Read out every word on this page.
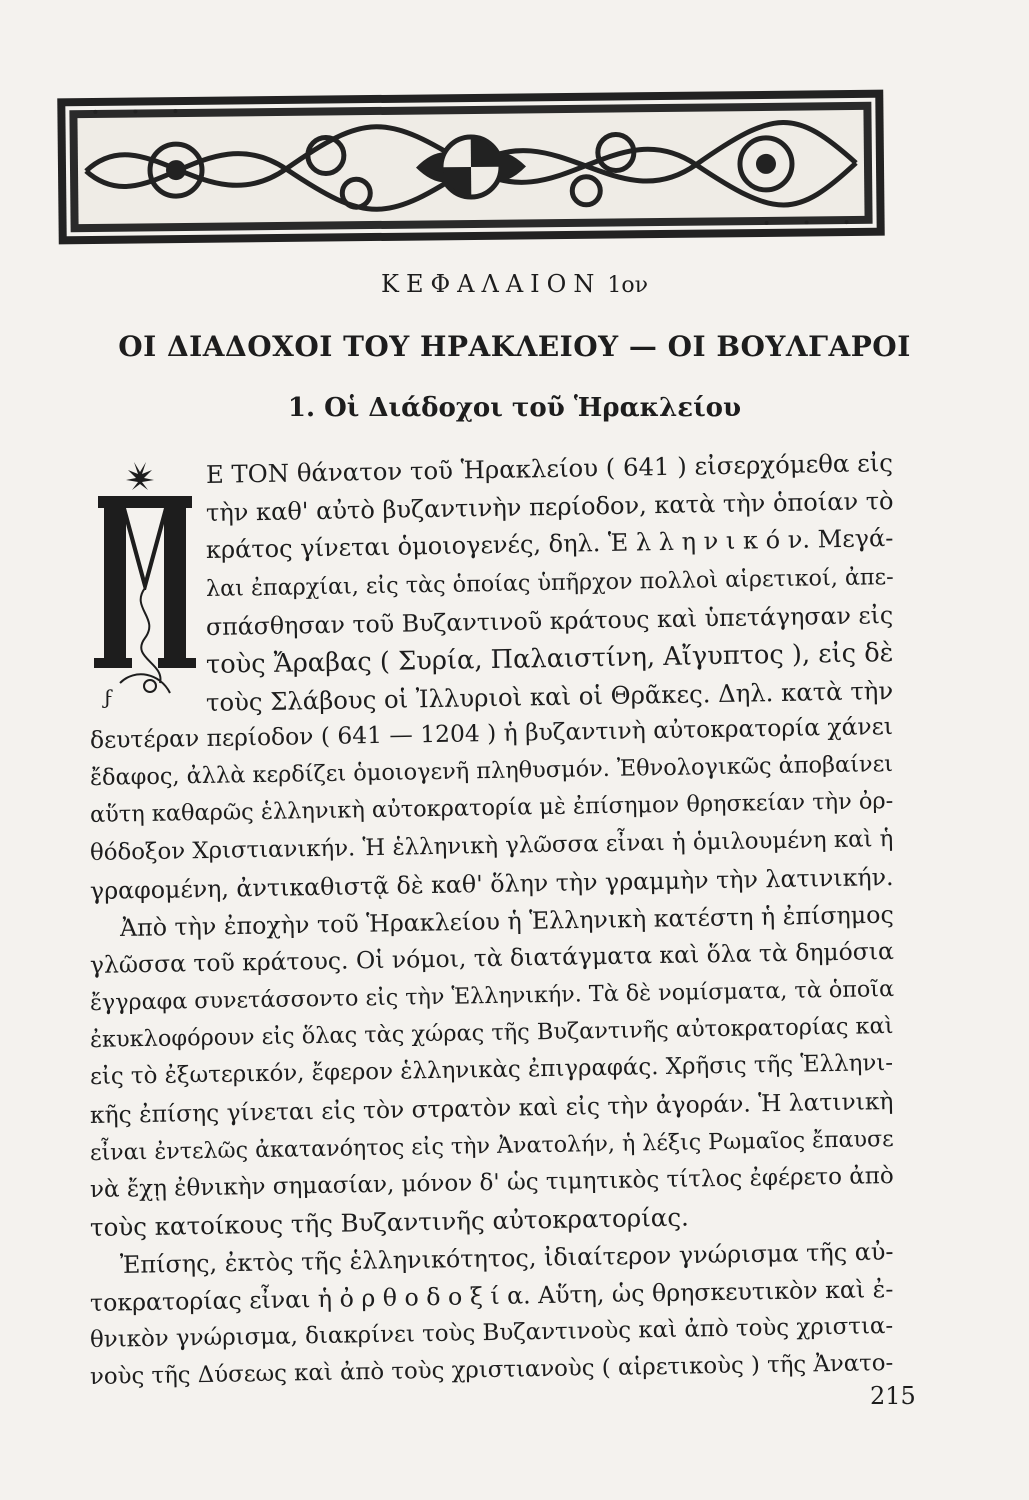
ΚΕΦΑΛΑΙΟΝ 1ον
ΟΙ ΔΙΑΔΟΧΟΙ ΤΟΥ ΗΡΑΚΛΕΙΟΥ — ΟΙ ΒΟΥΛΓΑΡΟΙ
1. Οἱ Διάδοχοι τοῦ Ἡρακλείου
ϝ
Ε ΤΟΝ θάνατον τοῦ Ἡρακλείου ( 641 ) εἰσερχόμεθα εἰς
τὴν καθ' αὐτὸ βυζαντινὴν περίοδον, κατὰ τὴν ὁποίαν τὸ
κράτος γίνεται ὁμοιογενές, δηλ. Ἑ λ λ η ν ι κ ό ν. Μεγά-
λαι ἐπαρχίαι, εἰς τὰς ὁποίας ὑπῆρχον πολλοὶ αἱρετικοί, ἀπε-
σπάσθησαν τοῦ Βυζαντινοῦ κράτους καὶ ὑπετάγησαν εἰς
τοὺς Ἄραβας ( Συρία, Παλαιστίνη, Αἴγυπτος ), εἰς δὲ
τοὺς Σλάβους οἱ Ἰλλυριοὶ καὶ οἱ Θρᾶκες. Δηλ. κατὰ τὴν
δευτέραν περίοδον ( 641 — 1204 ) ἡ βυζαντινὴ αὐτοκρατορία χάνει
ἔδαφος, ἀλλὰ κερδίζει ὁμοιογενῆ πληθυσμόν. Ἐθνολογικῶς ἀποβαίνει
αὕτη καθαρῶς ἑλληνικὴ αὐτοκρατορία μὲ ἐπίσημον θρησκείαν τὴν ὀρ-
θόδοξον Χριστιανικήν. Ἡ ἑλληνικὴ γλῶσσα εἶναι ἡ ὁμιλουμένη καὶ ἡ
γραφομένη, ἀντικαθιστᾷ δὲ καθ' ὅλην τὴν γραμμὴν τὴν λατινικήν.
Ἀπὸ τὴν ἐποχὴν τοῦ Ἡρακλείου ἡ Ἑλληνικὴ κατέστη ἡ ἐπίσημος
γλῶσσα τοῦ κράτους. Οἱ νόμοι, τὰ διατάγματα καὶ ὅλα τὰ δημόσια
ἔγγραφα συνετάσσοντο εἰς τὴν Ἑλληνικήν. Τὰ δὲ νομίσματα, τὰ ὁποῖα
ἐκυκλοφόρουν εἰς ὅλας τὰς χώρας τῆς Βυζαντινῆς αὐτοκρατορίας καὶ
εἰς τὸ ἐξωτερικόν, ἔφερον ἑλληνικὰς ἐπιγραφάς. Χρῆσις τῆς Ἑλληνι-
κῆς ἐπίσης γίνεται εἰς τὸν στρατὸν καὶ εἰς τὴν ἀγοράν. Ἡ λατινικὴ
εἶναι ἐντελῶς ἀκατανόητος εἰς τὴν Ἀνατολήν, ἡ λέξις Ρωμαῖος ἔπαυσε
νὰ ἔχῃ ἐθνικὴν σημασίαν, μόνον δ' ὡς τιμητικὸς τίτλος ἐφέρετο ἀπὸ
τοὺς κατοίκους τῆς Βυζαντινῆς αὐτοκρατορίας.
Ἐπίσης, ἐκτὸς τῆς ἑλληνικότητος, ἰδιαίτερον γνώρισμα τῆς αὐ-
τοκρατορίας εἶναι ἡ ὀ ρ θ ο δ ο ξ ί α. Αὕτη, ὡς θρησκευτικὸν καὶ ἐ-
θνικὸν γνώρισμα, διακρίνει τοὺς Βυζαντινοὺς καὶ ἀπὸ τοὺς χριστια-
νοὺς τῆς Δύσεως καὶ ἀπὸ τοὺς χριστιανοὺς ( αἱρετικοὺς ) τῆς Ἀνατο-
215
